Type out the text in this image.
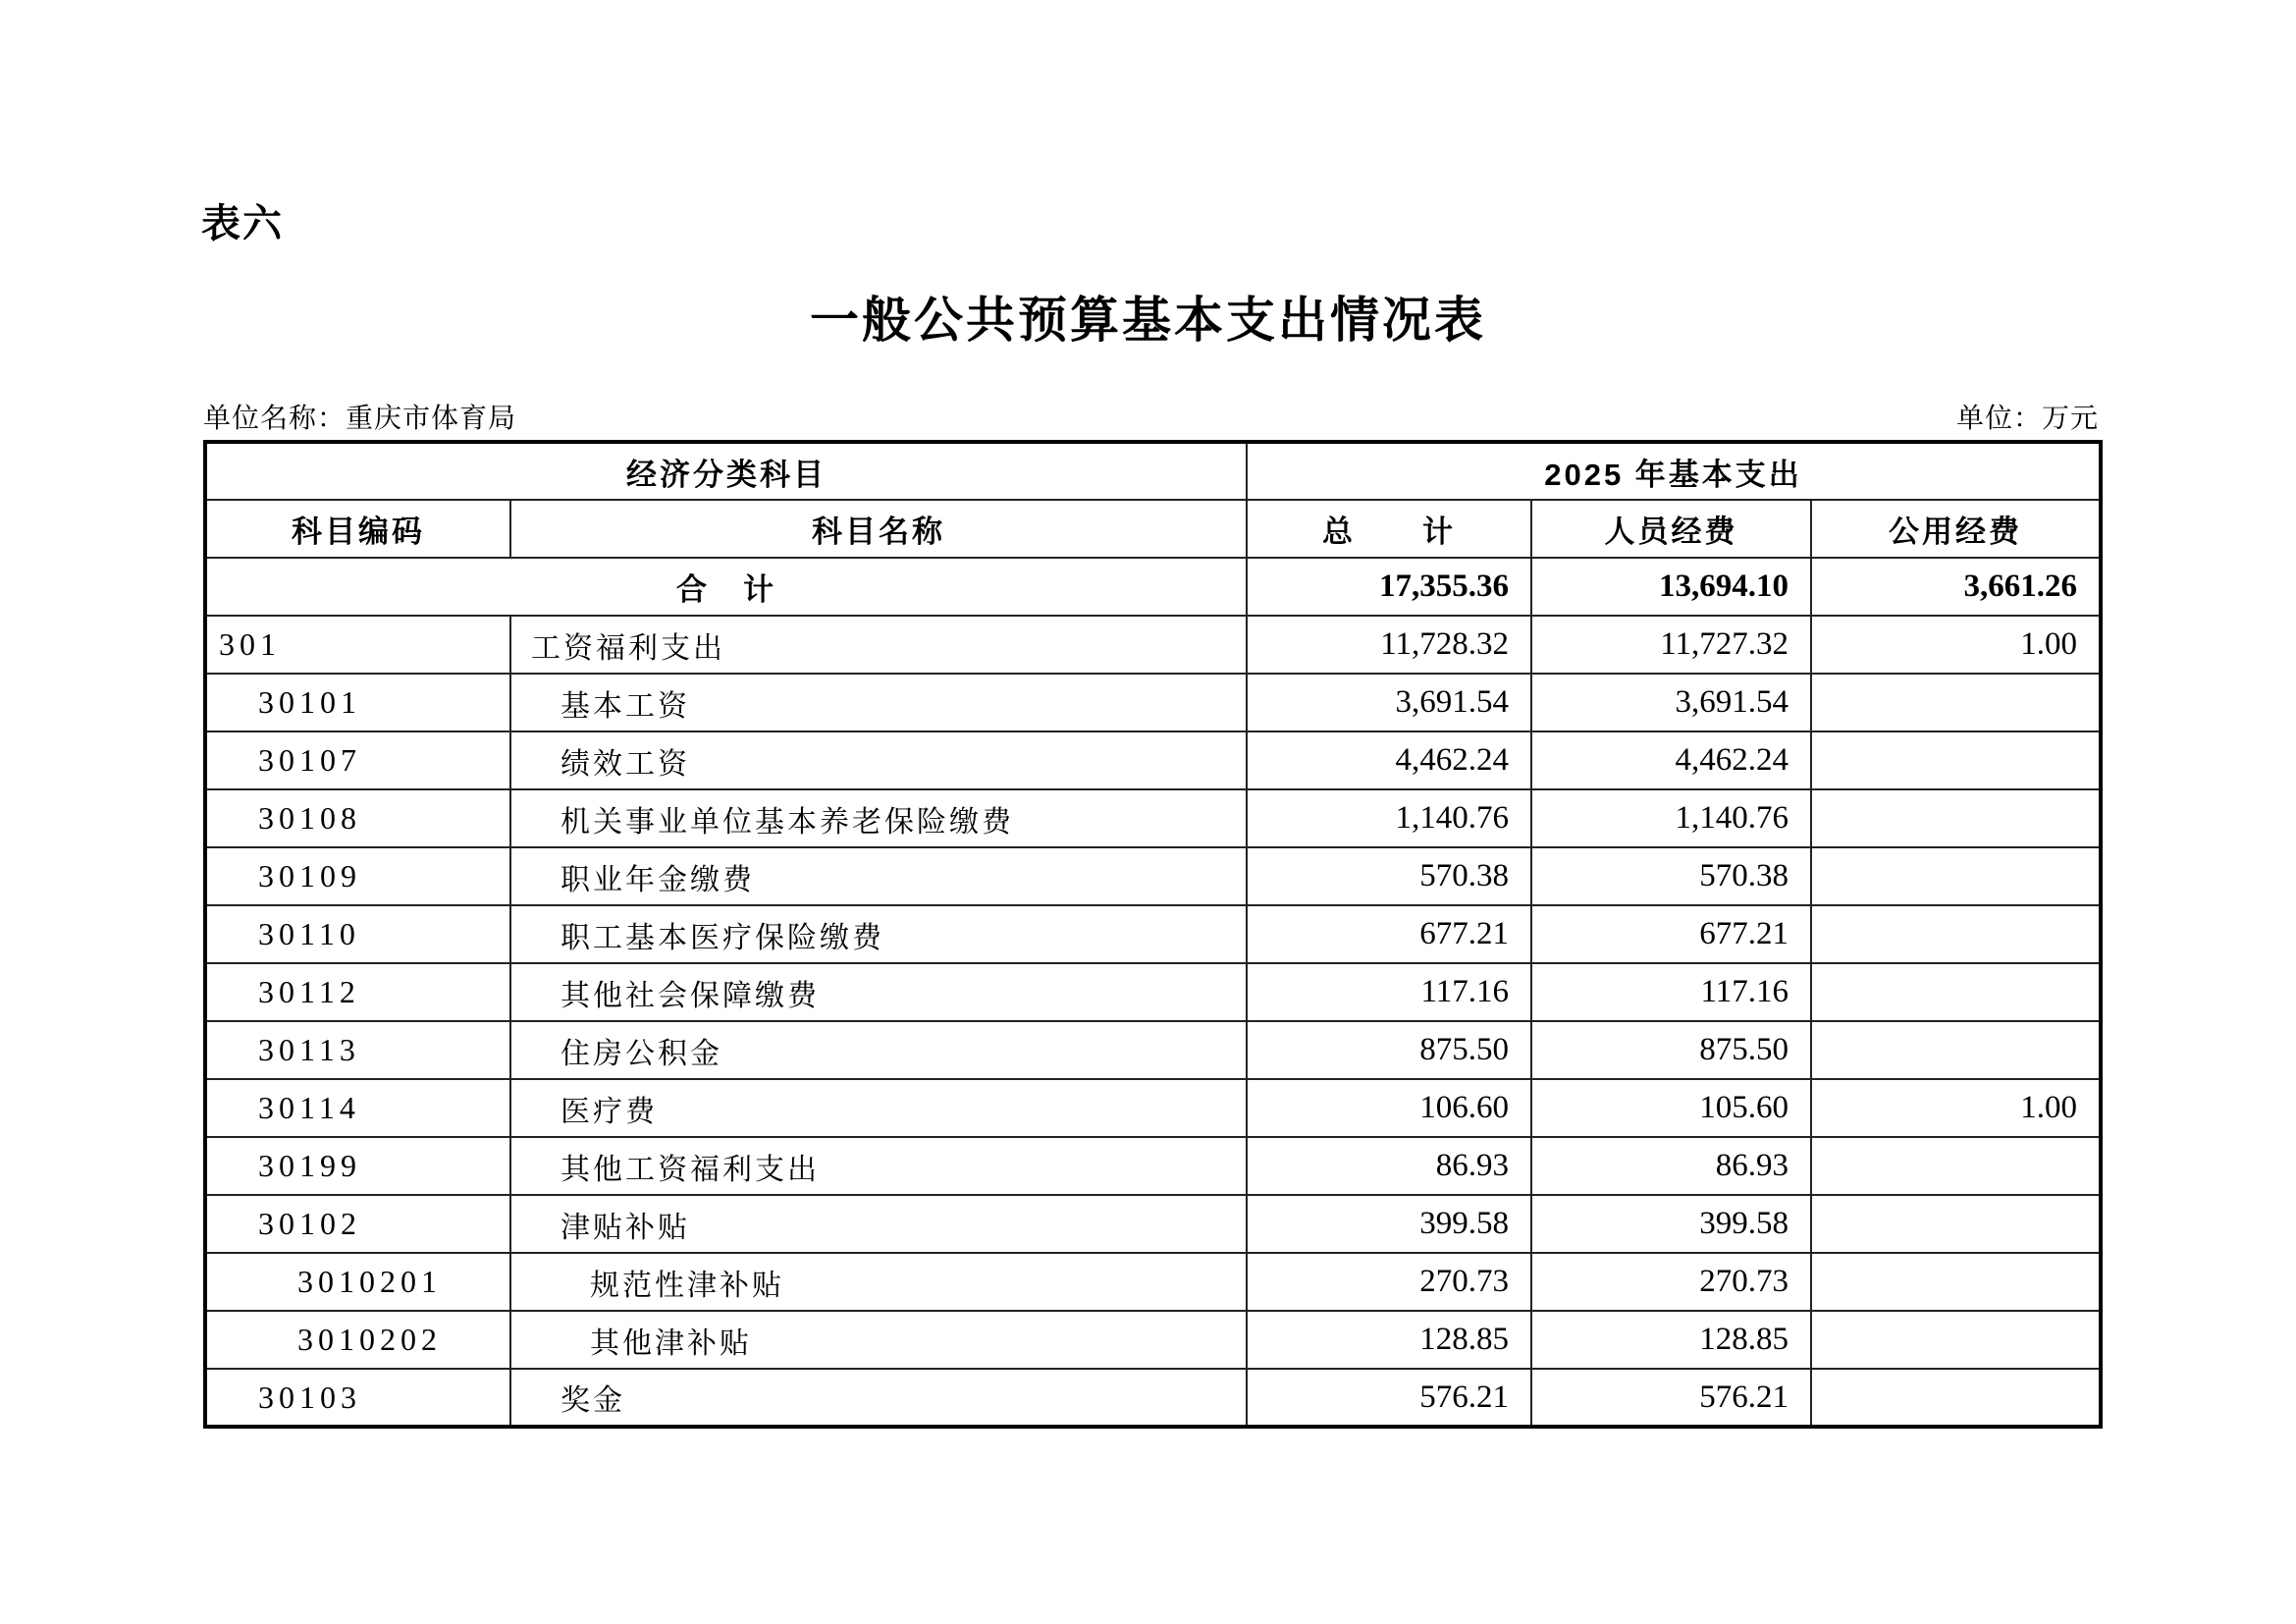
表六
一般公共预算基本支出情况表
单位名称：重庆市体育局	单位：万元
经济分类科目		2025 年基本支出		
科目编码	科目名称	总　　计	人员经费	公用经费
合　计		17,355.36	13,694.10	3,661.26
301	工资福利支出	11,728.32	11,727.32	1.00
30101	基本工资	3,691.54	3,691.54	
30107	绩效工资	4,462.24	4,462.24	
30108	机关事业单位基本养老保险缴费	1,140.76	1,140.76	
30109	职业年金缴费	570.38	570.38	
30110	职工基本医疗保险缴费	677.21	677.21	
30112	其他社会保障缴费	117.16	117.16	
30113	住房公积金	875.50	875.50	
30114	医疗费	106.60	105.60	1.00
30199	其他工资福利支出	86.93	86.93	
30102	津贴补贴	399.58	399.58	
3010201	规范性津补贴	270.73	270.73	
3010202	其他津补贴	128.85	128.85	
30103	奖金	576.21	576.21	
